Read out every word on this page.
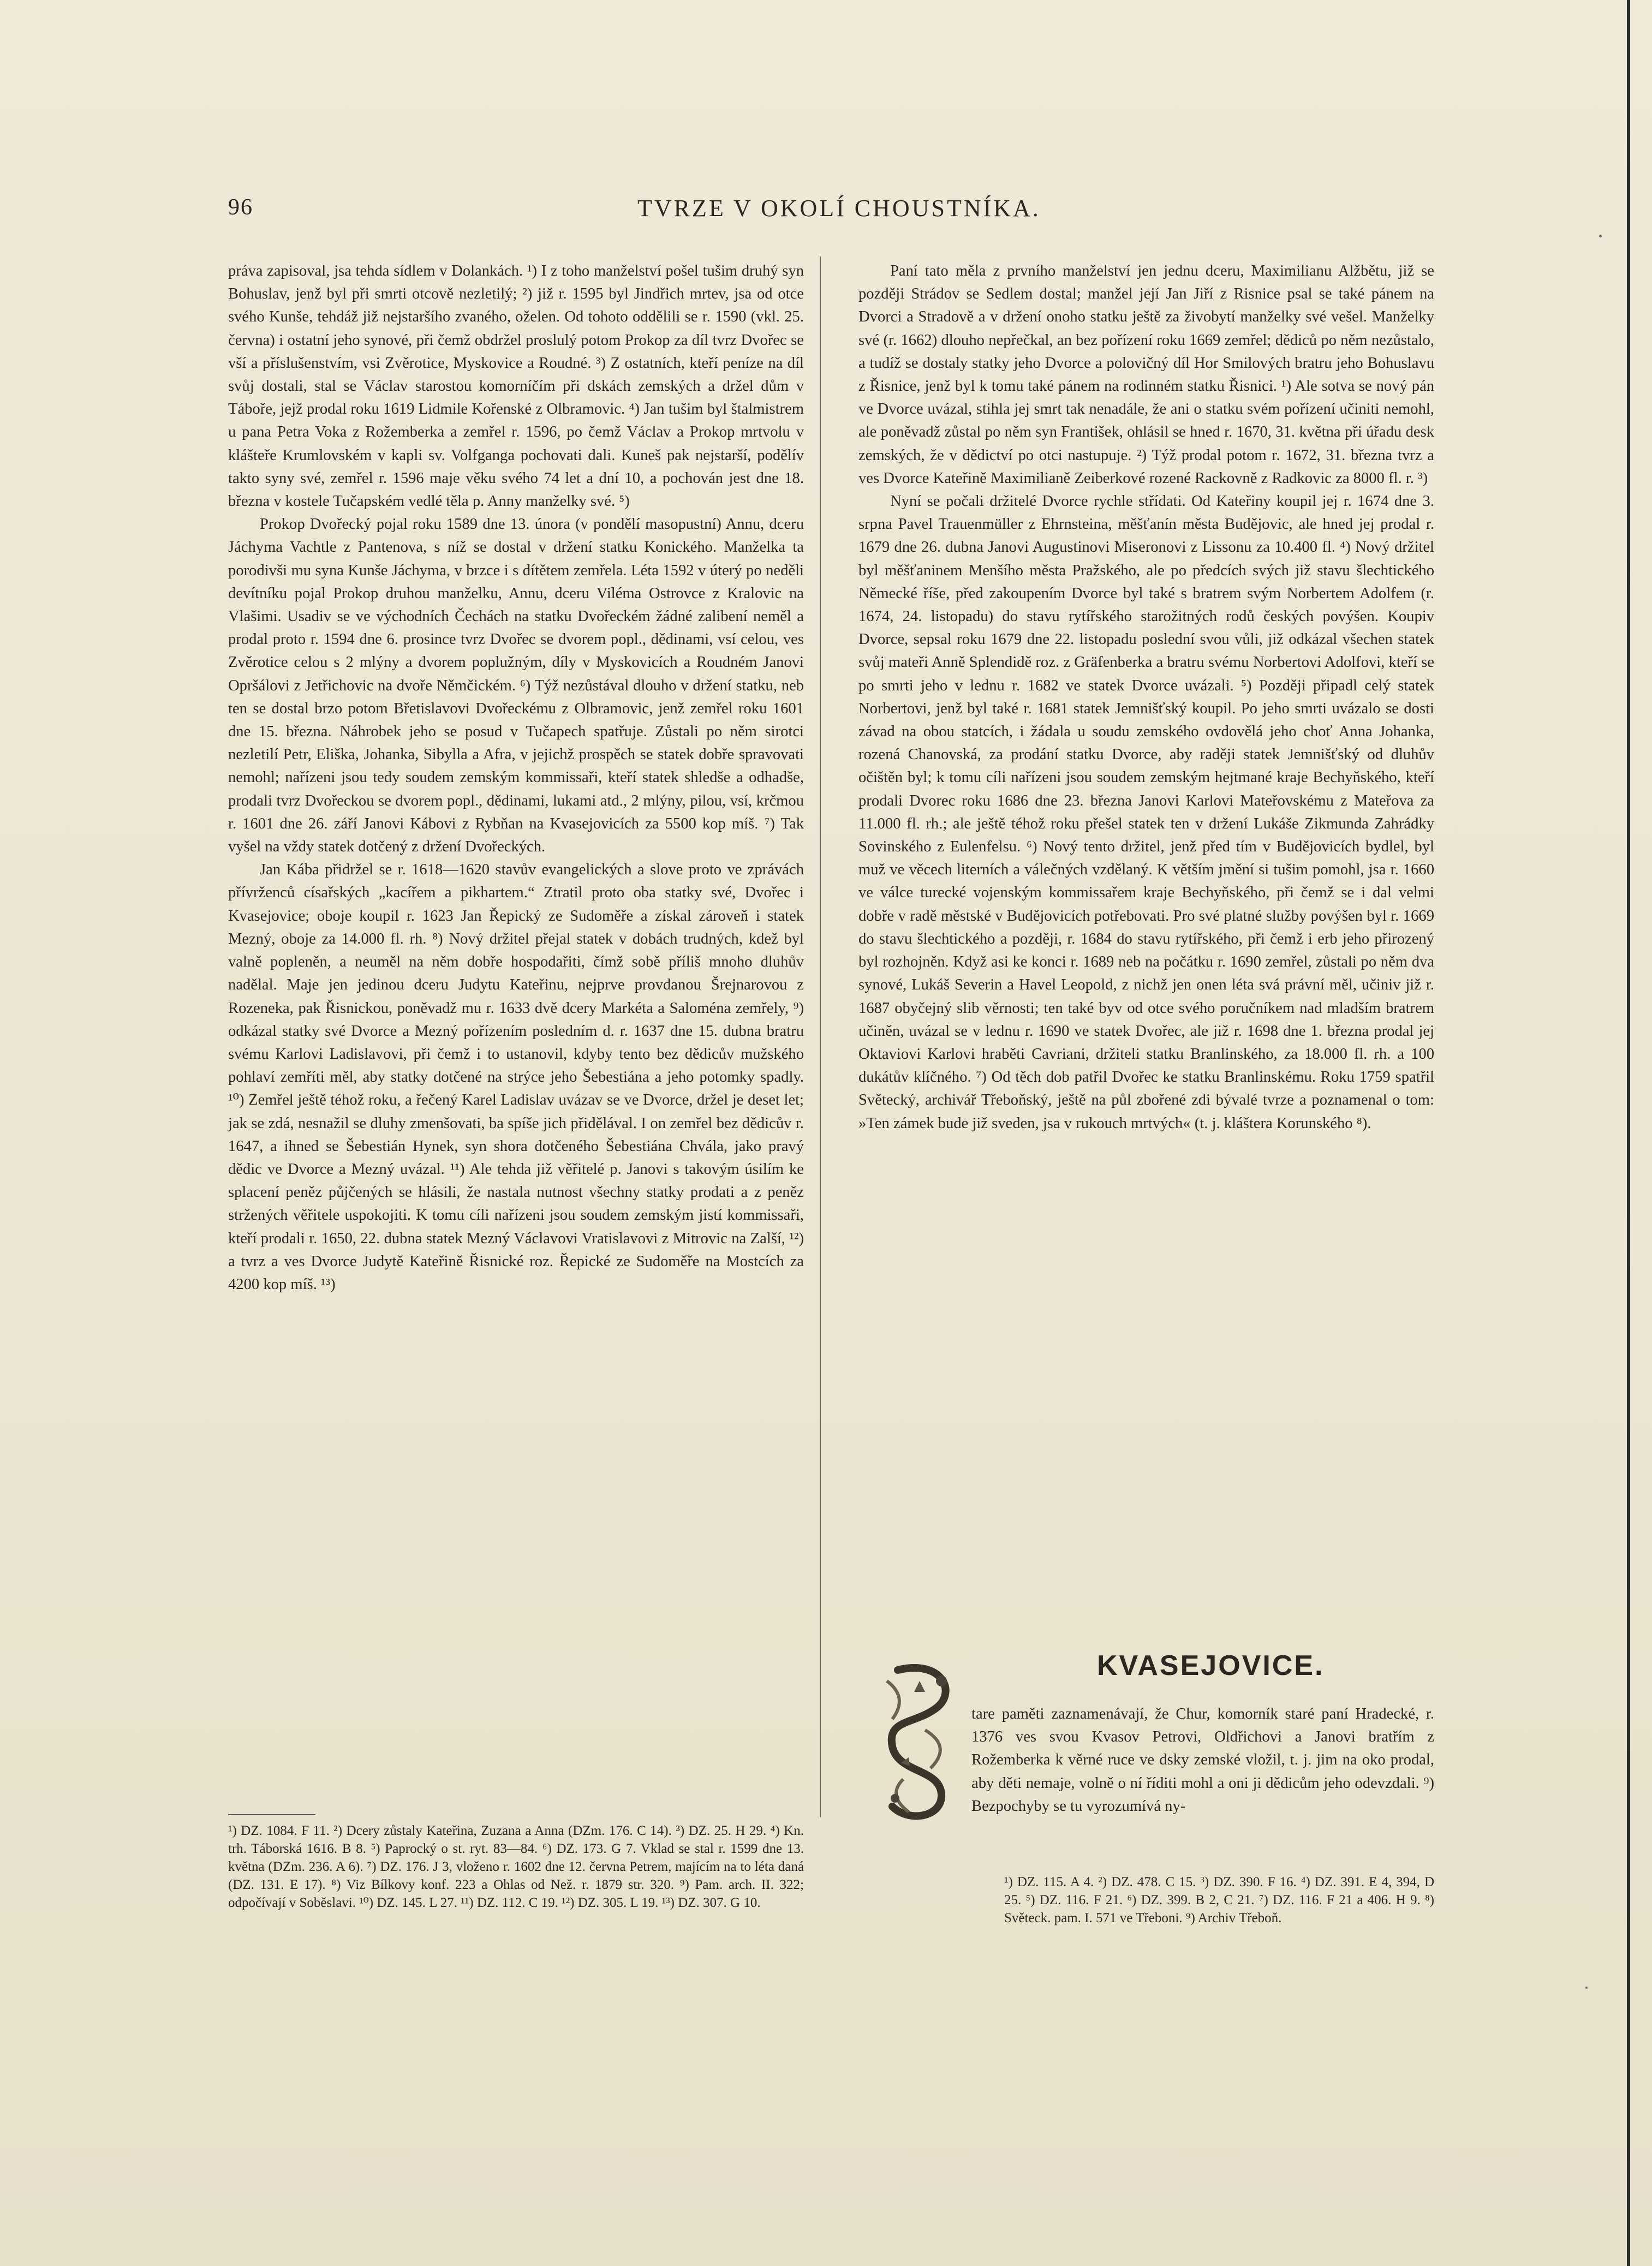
96	TVRZE V OKOLÍ CHOUSTNÍKA.

práva zapisoval, jsa tehda sídlem v Dolankách. ¹) I z toho manželství pošel tušim druhý syn Bohuslav, jenž byl při smrti otcově nezletilý; ²) již r. 1595 byl Jindřich mrtev, jsa od otce svého Kunše, tehdáž již nejstaršího zvaného, oželen. Od tohoto oddělili se r. 1590 (vkl. 25. června) i ostatní jeho synové, při čemž obdržel proslulý potom Prokop za díl tvrz Dvořec se vší a příslušenstvím, vsi Zvěrotice, Myskovice a Roudné. ³) Z ostatních, kteří peníze na díl svůj dostali, stal se Václav starostou komorníčím při dskách zemských a držel dům v Táboře, jejž prodal roku 1619 Lidmile Kořenské z Olbramovic. ⁴) Jan tušim byl štalmistrem u pana Petra Voka z Rožemberka a zemřel r. 1596, po čemž Václav a Prokop mrtvolu v klášteře Krumlovském v kapli sv. Volfganga pochovati dali. Kuneš pak nejstarší, podělív takto syny své, zemřel r. 1596 maje věku svého 74 let a dní 10, a pochován jest dne 18. března v kostele Tučapském vedlé těla p. Anny manželky své. ⁵)

Prokop Dvořecký pojal roku 1589 dne 13. února (v pondělí masopustní) Annu, dceru Jáchyma Vachtle z Pantenova, s níž se dostal v držení statku Konického. Manželka ta porodivši mu syna Kunše Jáchyma, v brzce i s dítětem zemřela. Léta 1592 v úterý po neděli devítníku pojal Prokop druhou manželku, Annu, dceru Viléma Ostrovce z Kralovic na Vlašimi. Usadiv se ve východních Čechách na statku Dvořeckém žádné zalibení neměl a prodal proto r. 1594 dne 6. prosince tvrz Dvořec se dvorem popl., dědinami, vsí celou, ves Zvěrotice celou s 2 mlýny a dvorem poplužným, díly v Myskovicích a Roudném Janovi Opršálovi z Jetřichovic na dvoře Němčickém. ⁶) Týž nezůstával dlouho v držení statku, neb ten se dostal brzo potom Břetislavovi Dvořeckému z Olbramovic, jenž zemřel roku 1601 dne 15. března. Náhrobek jeho se posud v Tučapech spatřuje. Zůstali po něm sirotci nezletilí Petr, Eliška, Johanka, Sibylla a Afra, v jejichž prospěch se statek dobře spravovati nemohl; nařízeni jsou tedy soudem zemským kommissaři, kteří statek shledše a odhadše, prodali tvrz Dvořeckou se dvorem popl., dědinami, lukami atd., 2 mlýny, pilou, vsí, krčmou r. 1601 dne 26. září Janovi Kábovi z Rybňan na Kvasejovicích za 5500 kop míš. ⁷) Tak vyšel na vždy statek dotčený z držení Dvořeckých.

Jan Kába přidržel se r. 1618—1620 stavův evangelických a slove proto ve zprávách přívrženců císařských „kacířem a pikhartem.“ Ztratil proto oba statky své, Dvořec i Kvasejovice; oboje koupil r. 1623 Jan Řepický ze Sudoměře a získal zároveň i statek Mezný, oboje za 14.000 fl. rh. ⁸) Nový držitel přejal statek v dobách trudných, kdež byl valně popleněn, a neuměl na něm dobře hospodařiti, čímž sobě příliš mnoho dluhův nadělal. Maje jen jedinou dceru Judytu Kateřinu, nejprve provdanou Šrejnarovou z Rozeneka, pak Řisnickou, poněvadž mu r. 1633 dvě dcery Markéta a Saloména zemřely, ⁹) odkázal statky své Dvorce a Mezný pořízením posledním d. r. 1637 dne 15. dubna bratru svému Karlovi Ladislavovi, při čemž i to ustanovil, kdyby tento bez dědicův mužského pohlaví zemříti měl, aby statky dotčené na strýce jeho Šebestiána a jeho potomky spadly. ¹⁰) Zemřel ještě téhož roku, a řečený Karel Ladislav uvázav se ve Dvorce, držel je deset let; jak se zdá, nesnažil se dluhy zmenšovati, ba spíše jich přidělával. I on zemřel bez dědicův r. 1647, a ihned se Šebestián Hynek, syn shora dotčeného Šebestiána Chvála, jako pravý dědic ve Dvorce a Mezný uvázal. ¹¹) Ale tehda již věřitelé p. Janovi s takovým úsilím ke splacení peněz půjčených se hlásili, že nastala nutnost všechny statky prodati a z peněz stržených věřitele uspokojiti. K tomu cíli nařízeni jsou soudem zemským jistí kommissaři, kteří prodali r. 1650, 22. dubna statek Mezný Václavovi Vratislavovi z Mitrovic na Zalší, ¹²) a tvrz a ves Dvorce Judytě Kateřině Řisnické roz. Řepické ze Sudoměře na Mostcích za 4200 kop míš. ¹³)

¹) DZ. 1084. F 11. ²) Dcery zůstaly Kateřina, Zuzana a Anna (DZm. 176. C 14). ³) DZ. 25. H 29. ⁴) Kn. trh. Táborská 1616. B 8. ⁵) Paprocký o st. ryt. 83—84. ⁶) DZ. 173. G 7. Vklad se stal r. 1599 dne 13. května (DZm. 236. A 6). ⁷) DZ. 176. J 3, vloženo r. 1602 dne 12. června Petrem, majícím na to léta daná (DZ. 131. E 17). ⁸) Viz Bílkovy konf. 223 a Ohlas od Než. r. 1879 str. 320. ⁹) Pam. arch. II. 322; odpočívají v Soběslavi. ¹⁰) DZ. 145. L 27. ¹¹) DZ. 112. C 19. ¹²) DZ. 305. L 19. ¹³) DZ. 307. G 10.

Paní tato měla z prvního manželství jen jednu dceru, Maximilianu Alžbětu, již se později Strádov se Sedlem dostal; manžel její Jan Jiří z Risnice psal se také pánem na Dvorci a Stradově a v držení onoho statku ještě za živobytí manželky své vešel. Manželky své (r. 1662) dlouho nepřečkal, an bez pořízení roku 1669 zemřel; dědiců po něm nezůstalo, a tudíž se dostaly statky jeho Dvorce a polovičný díl Hor Smilových bratru jeho Bohuslavu z Řisnice, jenž byl k tomu také pánem na rodinném statku Řisnici. ¹) Ale sotva se nový pán ve Dvorce uvázal, stihla jej smrt tak nenadále, že ani o statku svém pořízení učiniti nemohl, ale poněvadž zůstal po něm syn František, ohlásil se hned r. 1670, 31. května při úřadu desk zemských, že v dědictví po otci nastupuje. ²) Týž prodal potom r. 1672, 31. března tvrz a ves Dvorce Kateřině Maximilianě Zeiberkové rozené Rackovně z Radkovic za 8000 fl. r. ³)

Nyní se počali držitelé Dvorce rychle střídati. Od Kateřiny koupil jej r. 1674 dne 3. srpna Pavel Trauenmüller z Ehrnsteina, měšťanín města Budějovic, ale hned jej prodal r. 1679 dne 26. dubna Janovi Augustinovi Miseronovi z Lissonu za 10.400 fl. ⁴) Nový držitel byl měšťaninem Menšího města Pražského, ale po předcích svých již stavu šlechtického Německé říše, před zakoupením Dvorce byl také s bratrem svým Norbertem Adolfem (r. 1674, 24. listopadu) do stavu rytířského starožitných rodů českých povýšen. Koupiv Dvorce, sepsal roku 1679 dne 22. listopadu poslední svou vůli, již odkázal všechen statek svůj mateři Anně Splendidě roz. z Gräfenberka a bratru svému Norbertovi Adolfovi, kteří se po smrti jeho v lednu r. 1682 ve statek Dvorce uvázali. ⁵) Později připadl celý statek Norbertovi, jenž byl také r. 1681 statek Jemnišťský koupil. Po jeho smrti uvázalo se dosti závad na obou statcích, i žádala u soudu zemského ovdovělá jeho choť Anna Johanka, rozená Chanovská, za prodání statku Dvorce, aby raději statek Jemnišťský od dluhův očištěn byl; k tomu cíli nařízeni jsou soudem zemským hejtmané kraje Bechyňského, kteří prodali Dvorec roku 1686 dne 23. března Janovi Karlovi Mateřovskému z Mateřova za 11.000 fl. rh.; ale ještě téhož roku přešel statek ten v držení Lukáše Zikmunda Zahrádky Sovinského z Eulenfelsu. ⁶) Nový tento držitel, jenž před tím v Budějovicích bydlel, byl muž ve věcech literních a válečných vzdělaný. K větším jmění si tušim pomohl, jsa r. 1660 ve válce turecké vojenským kommissařem kraje Bechyňského, při čemž se i dal velmi dobře v radě městské v Budějovicích potřebovati. Pro své platné služby povýšen byl r. 1669 do stavu šlechtického a později, r. 1684 do stavu rytířského, při čemž i erb jeho přirozený byl rozhojněn. Když asi ke konci r. 1689 neb na počátku r. 1690 zemřel, zůstali po něm dva synové, Lukáš Severin a Havel Leopold, z nichž jen onen léta svá právní měl, učiniv již r. 1687 obyčejný slib věrnosti; ten také byv od otce svého poručníkem nad mladším bratrem učiněn, uvázal se v lednu r. 1690 ve statek Dvořec, ale již r. 1698 dne 1. března prodal jej Oktaviovi Karlovi hraběti Cavriani, držiteli statku Branlinského, za 18.000 fl. rh. a 100 dukátův klíčného. ⁷) Od těch dob patřil Dvořec ke statku Branlinskému. Roku 1759 spatřil Světecký, archivář Třeboňský, ještě na půl zbořené zdi bývalé tvrze a poznamenal o tom: »Ten zámek bude již sveden, jsa v rukouch mrtvých« (t. j. kláštera Korunského ⁸).

KVASEJOVICE.
tare paměti zaznamenávají, že Chur, komorník staré paní Hradecké, r. 1376 ves svou Kvasov Petrovi, Oldřichovi a Janovi bratřím z Rožemberka k věrné ruce ve dsky zemské vložil, t. j. jim na oko prodal, aby děti nemaje, volně o ní říditi mohl a oni ji dědicům jeho odevzdali. ⁹) Bezpochyby se tu vyrozumívá ny-
¹) DZ. 115. A 4. ²) DZ. 478. C 15. ³) DZ. 390. F 16. ⁴) DZ. 391. E 4, 394, D 25. ⁵) DZ. 116. F 21. ⁶) DZ. 399. B 2, C 21. ⁷) DZ. 116. F 21 a 406. H 9. ⁸) Světeck. pam. I. 571 ve Třeboni. ⁹) Archiv Třeboň.
